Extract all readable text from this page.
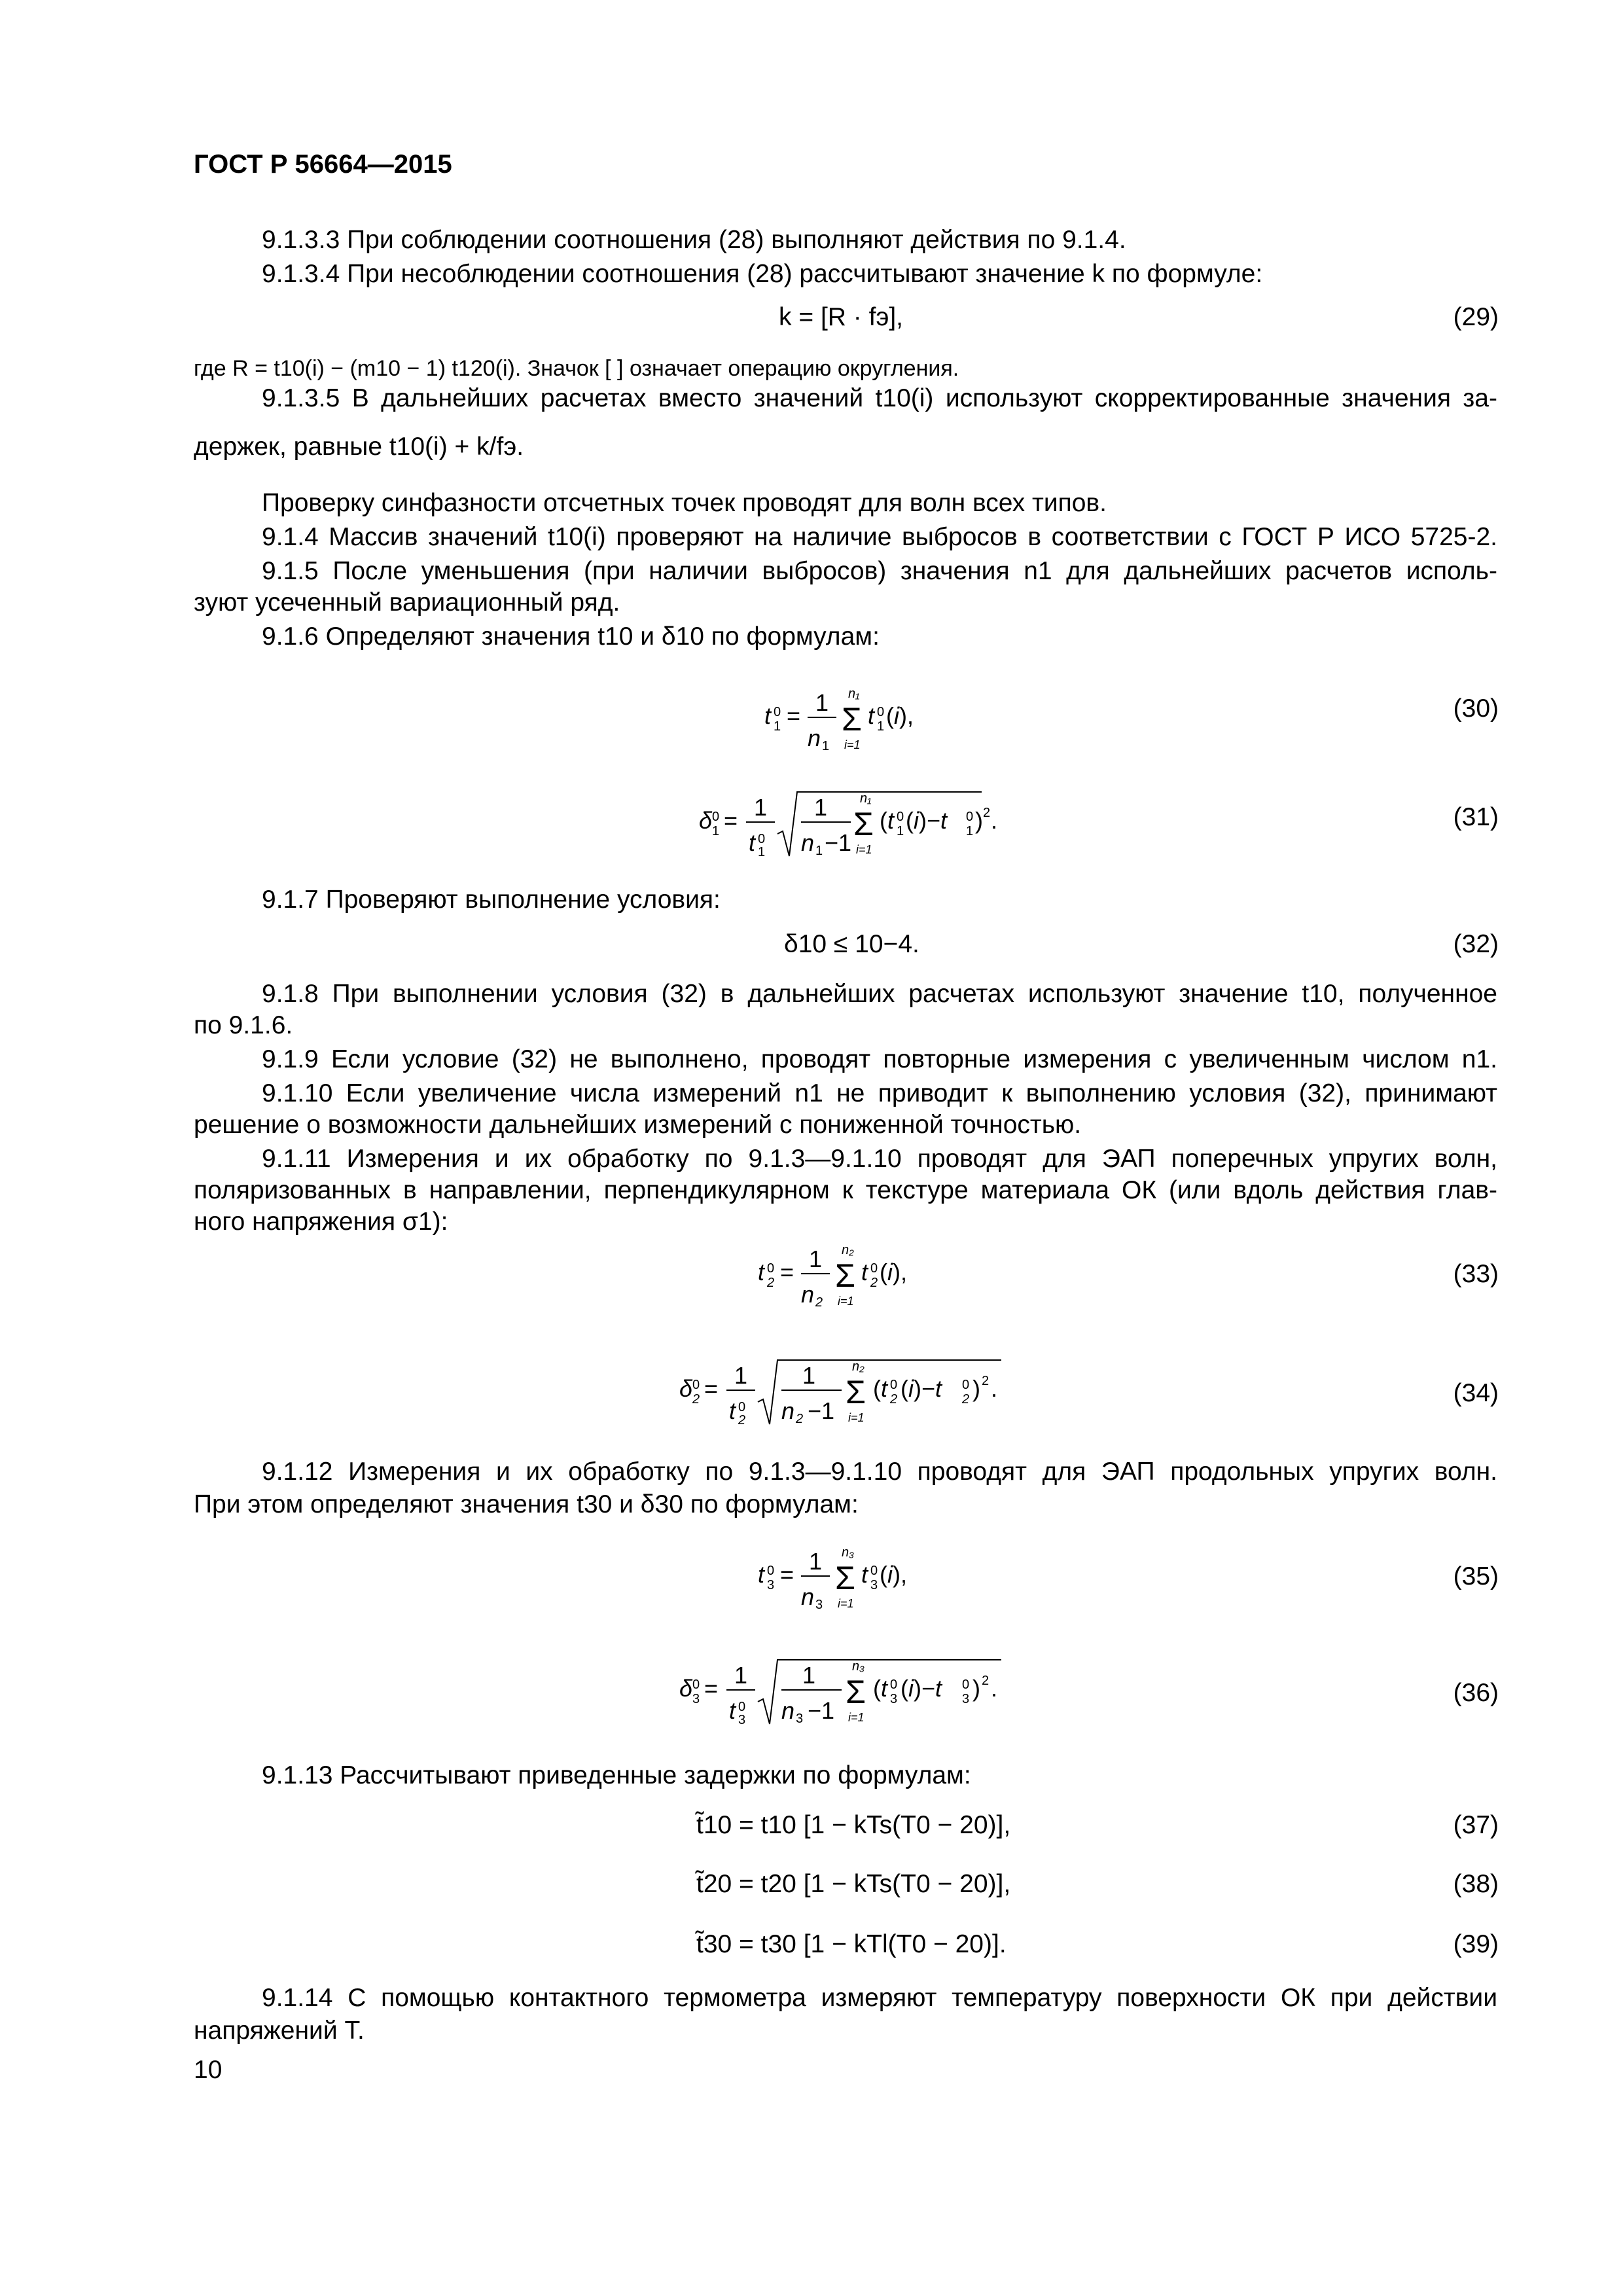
ГОСТ Р 56664—2015
9.1.3.3 При соблюдении соотношения (28) выполняют действия по 9.1.4.
9.1.3.4 При несоблюдении соотношения (28) рассчитывают значение k по формуле:
k = [R · fэ],	(29)
где R = t10(i) − (m10 − 1) t120(i). Значок [ ] означает операцию округления.
9.1.3.5 В дальнейших расчетах вместо значений t10(i) используют скорректированные значения за-
держек, равные t10(i) + k/fэ.
Проверку синфазности отсчетных точек проводят для волн всех типов.
9.1.4 Массив значений t10(i) проверяют на наличие выбросов в соответствии с ГОСТ Р ИСО 5725-2.
9.1.5 После уменьшения (при наличии выбросов) значения n1 для дальнейших расчетов исполь-
зуют усеченный вариационный ряд.
9.1.6 Определяют значения t10 и δ10 по формулам:
t 0
1 = 1
n 1
Σ
n₁
i=1
t 0
1 (i),	(30)
δ 0
1 = 1
t 0
1
1
n 1 −1
Σ
n₁
i=1
(t 0
1 (i)−t 0
1 ) 2 .	(31)
9.1.7 Проверяют выполнение условия:
δ10 ≤ 10−4.	(32)
9.1.8 При выполнении условия (32) в дальнейших расчетах используют значение t10, полученное
по 9.1.6.
9.1.9 Если условие (32) не выполнено, проводят повторные измерения с увеличенным числом n1.
9.1.10 Если увеличение числа измерений n1 не приводит к выполнению условия (32), принимают
решение о возможности дальнейших измерений с пониженной точностью.
9.1.11 Измерения и их обработку по 9.1.3—9.1.10 проводят для ЭАП поперечных упругих волн,
поляризованных в направлении, перпендикулярном к текстуре материала ОК (или вдоль действия глав-
ного напряжения σ1):
t 0
2 = 1
n 2
Σ
n₂
i=1
t 0
2 (i),	(33)
δ 0
2 = 1
t 0
2
1
n 2 −1
Σ
n₂
i=1
(t 0
2 (i)−t 0
2 ) 2 .	(34)
9.1.12 Измерения и их обработку по 9.1.3—9.1.10 проводят для ЭАП продольных упругих волн.
При этом определяют значения t30 и δ30 по формулам:
t 0
3 = 1
n 3
Σ
n₃
i=1
t 0
3 (i),	(35)
δ 0
3 = 1
t 0
3
1
n 3 −1
Σ
n₃
i=1
(t 0
3 (i)−t 0
3 ) 2 .	(36)
9.1.13 Рассчитывают приведенные задержки по формулам:
t̃10 = t10 [1 − kTs(T0 − 20)],	(37)
t̃20 = t20 [1 − kTs(T0 − 20)],	(38)
t̃30 = t30 [1 − kTl(T0 − 20)].	(39)
9.1.14 С помощью контактного термометра измеряют температуру поверхности ОК при действии
напряжений T.
10
